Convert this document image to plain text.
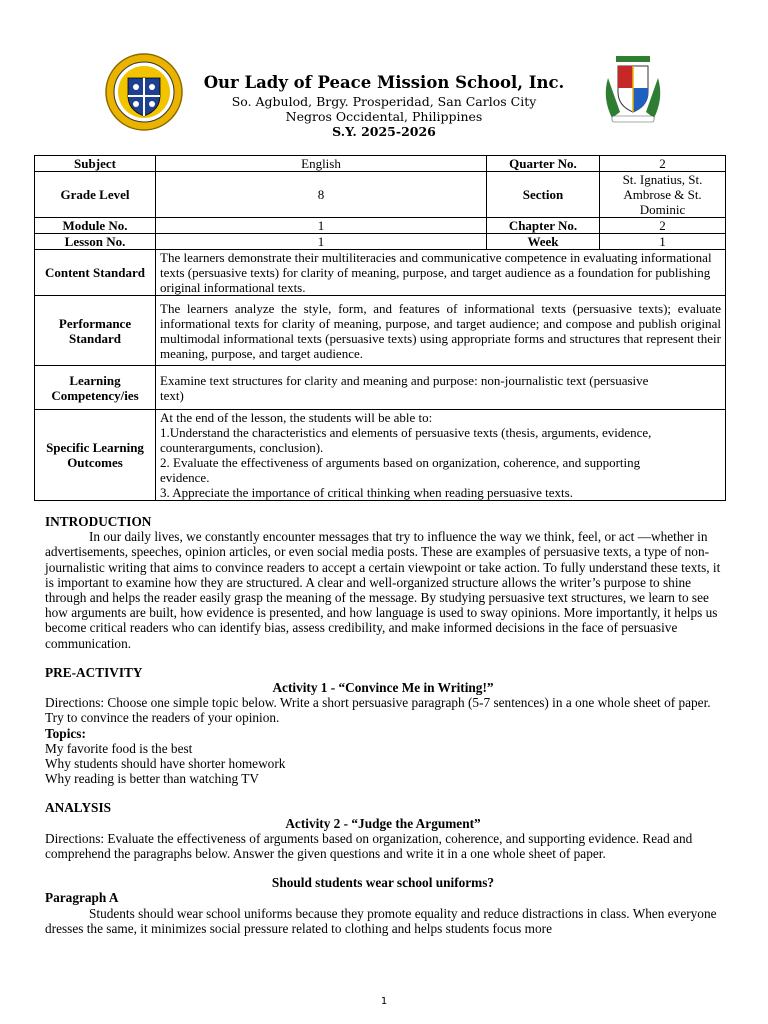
Our Lady of Peace Mission School, Inc.
So. Agbulod, Brgy. Prosperidad, San Carlos City
Negros Occidental, Philippines
S.Y. 2025-2026
Subject	English	Quarter No.	2
Grade Level	8	Section	St. Ignatius, St. Ambrose & St. Dominic
Module No.	1	Chapter No.	2
Lesson No.	1	Week	1
Content Standard	The learners demonstrate their multiliteracies and communicative competence in evaluating informational texts (persuasive texts) for clarity of meaning, purpose, and target audience as a foundation for publishing original informational texts.		
Performance Standard	The learners analyze the style, form, and features of informational texts (persuasive texts); evaluate informational texts for clarity of meaning, purpose, and target audience; and compose and publish original multimodal informational texts (persuasive texts) using appropriate forms and structures that represent their meaning, purpose, and target audience.		
Learning Competency/ies	Examine text structures for clarity and meaning and purpose: non-journalistic text (persuasive text)		
Specific Learning Outcomes	At the end of the lesson, the students will be able to:
1.Understand the characteristics and elements of persuasive texts (thesis, arguments, evidence, counterarguments, conclusion).
2. Evaluate the effectiveness of arguments based on organization, coherence, and supporting evidence.
3. Appreciate the importance of critical thinking when reading persuasive texts.		

INTRODUCTION

In our daily lives, we constantly encounter messages that try to influence the way we think, feel, or act —whether in advertisements, speeches, opinion articles, or even social media posts. These are examples of persuasive texts, a type of non-journalistic writing that aims to convince readers to accept a certain viewpoint or take action. To fully understand these texts, it is important to examine how they are structured. A clear and well-organized structure allows the writer’s purpose to shine through and helps the reader easily grasp the meaning of the message. By studying persuasive text structures, we learn to see how arguments are built, how evidence is presented, and how language is used to sway opinions. More importantly, it helps us become critical readers who can identify bias, assess credibility, and make informed decisions in the face of persuasive communication.

PRE-ACTIVITY

Activity 1 - “Convince Me in Writing!”

Directions: Choose one simple topic below. Write a short persuasive paragraph (5-7 sentences) in a one whole sheet of paper. Try to convince the readers of your opinion.

Topics:

My favorite food is the best

Why students should have shorter homework

Why reading is better than watching TV

ANALYSIS

Activity 2 - “Judge the Argument”

Directions: Evaluate the effectiveness of arguments based on organization, coherence, and supporting evidence. Read and comprehend the paragraphs below. Answer the given questions and write it in a one whole sheet of paper.

Should students wear school uniforms?

Paragraph A

Students should wear school uniforms because they promote equality and reduce distractions in class. When everyone dresses the same, it minimizes social pressure related to clothing and helps students focus more

1
